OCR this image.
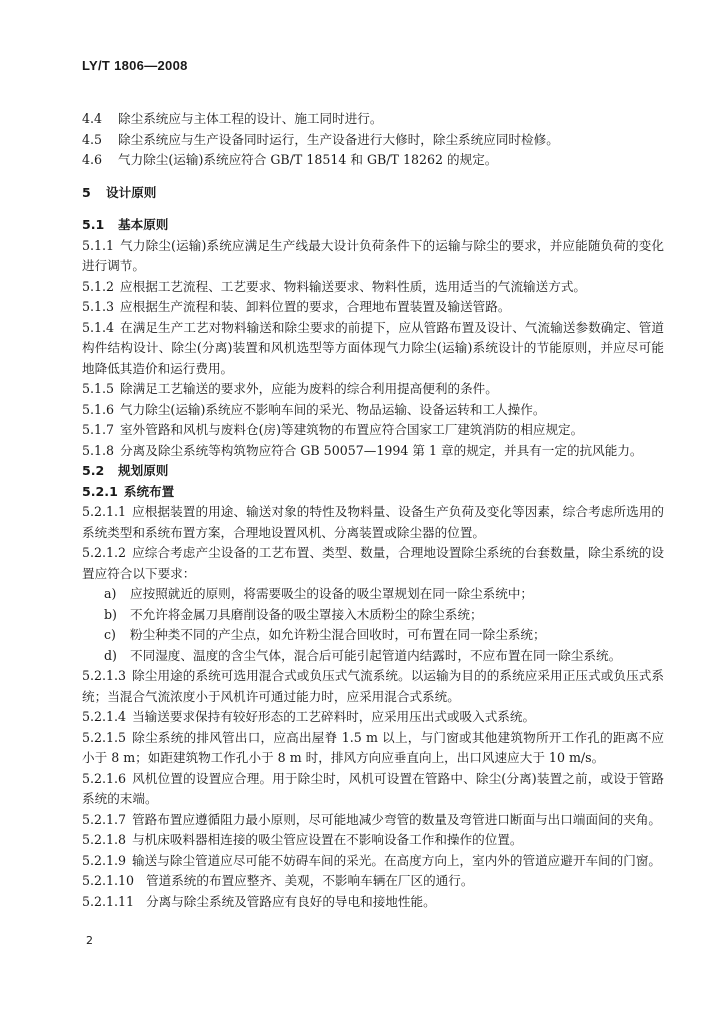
LY/T 1806—2008

4.4 除尘系统应与主体工程的设计、施工同时进行。

4.5 除尘系统应与生产设备同时运行，生产设备进行大修时，除尘系统应同时检修。

4.6 气力除尘(运输)系统应符合 GB/T 18514 和 GB/T 18262 的规定。

5 设计原则

5.1 基本原则

5.1.1 气力除尘(运输)系统应满足生产线最大设计负荷条件下的运输与除尘的要求，并应能随负荷的变化进行调节。

5.1.2 应根据工艺流程、工艺要求、物料输送要求、物料性质，选用适当的气流输送方式。

5.1.3 应根据生产流程和装、卸料位置的要求，合理地布置装置及输送管路。

5.1.4 在满足生产工艺对物料输送和除尘要求的前提下，应从管路布置及设计、气流输送参数确定、管道构件结构设计、除尘(分离)装置和风机选型等方面体现气力除尘(运输)系统设计的节能原则，并应尽可能地降低其造价和运行费用。

5.1.5 除满足工艺输送的要求外，应能为废料的综合利用提高便利的条件。

5.1.6 气力除尘(运输)系统应不影响车间的采光、物品运输、设备运转和工人操作。

5.1.7 室外管路和风机与废料仓(房)等建筑物的布置应符合国家工厂建筑消防的相应规定。

5.1.8 分离及除尘系统等构筑物应符合 GB 50057—1994 第 1 章的规定，并具有一定的抗风能力。

5.2 规划原则

5.2.1 系统布置

5.2.1.1 应根据装置的用途、输送对象的特性及物料量、设备生产负荷及变化等因素，综合考虑所选用的系统类型和系统布置方案，合理地设置风机、分离装置或除尘器的位置。

5.2.1.2 应综合考虑产尘设备的工艺布置、类型、数量，合理地设置除尘系统的台套数量，除尘系统的设置应符合以下要求：

a) 应按照就近的原则，将需要吸尘的设备的吸尘罩规划在同一除尘系统中；

b) 不允许将金属刀具磨削设备的吸尘罩接入木质粉尘的除尘系统；

c) 粉尘种类不同的产尘点，如允许粉尘混合回收时，可布置在同一除尘系统；

d) 不同湿度、温度的含尘气体，混合后可能引起管道内结露时，不应布置在同一除尘系统。

5.2.1.3 除尘用途的系统可选用混合式或负压式气流系统。以运输为目的的系统应采用正压式或负压式系统；当混合气流浓度小于风机许可通过能力时，应采用混合式系统。

5.2.1.4 当输送要求保持有较好形态的工艺碎料时，应采用压出式或吸入式系统。

5.2.1.5 除尘系统的排风管出口，应高出屋脊 1.5 m 以上，与门窗或其他建筑物所开工作孔的距离不应小于 8 m；如距建筑物工作孔小于 8 m 时，排风方向应垂直向上，出口风速应大于 10 m/s。

5.2.1.6 风机位置的设置应合理。用于除尘时，风机可设置在管路中、除尘(分离)装置之前，或设于管路系统的末端。

5.2.1.7 管路布置应遵循阻力最小原则，尽可能地减少弯管的数量及弯管进口断面与出口端面间的夹角。

5.2.1.8 与机床吸料器相连接的吸尘管应设置在不影响设备工作和操作的位置。

5.2.1.9 输送与除尘管道应尽可能不妨碍车间的采光。在高度方向上，室内外的管道应避开车间的门窗。

5.2.1.10 管道系统的布置应整齐、美观，不影响车辆在厂区的通行。

5.2.1.11 分离与除尘系统及管路应有良好的导电和接地性能。

2
